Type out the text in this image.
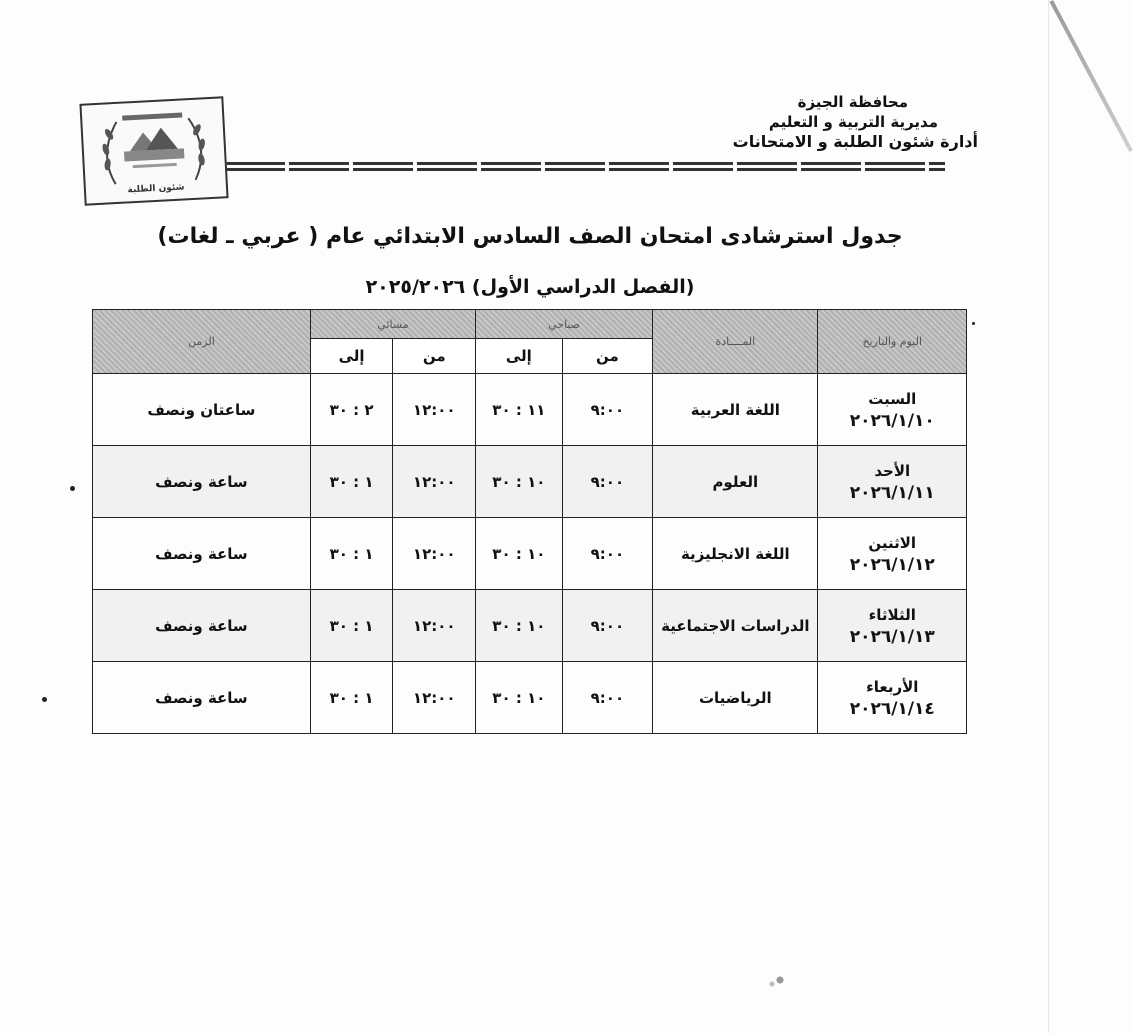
محافظة الجيزة
مديرية التربية و التعليم
أدارة شئون الطلبة و الامتحانات
شئون الطلبة
جدول استرشادى امتحان الصف السادس الابتدائي عام ( عربي ـ لغات)
(الفصل الدراسي الأول) ٢٠٢٥/٢٠٢٦
اليوم والتاريخ	المــــادة	صباحي		مسائي		الزمن
		من	إلى	من	إلى	

السبت
٢٠٢٦/١/١٠	اللغة العربية	٩:٠٠	١١ : ٣٠	١٢:٠٠	٢ : ٣٠	ساعتان ونصف

الأحد
٢٠٢٦/١/١١	العلوم	٩:٠٠	١٠ : ٣٠	١٢:٠٠	١ : ٣٠	ساعة ونصف

الاثنين
٢٠٢٦/١/١٢	اللغة الانجليزية	٩:٠٠	١٠ : ٣٠	١٢:٠٠	١ : ٣٠	ساعة ونصف

الثلاثاء
٢٠٢٦/١/١٣	الدراسات الاجتماعية	٩:٠٠	١٠ : ٣٠	١٢:٠٠	١ : ٣٠	ساعة ونصف

الأربعاء
٢٠٢٦/١/١٤	الرياضيات	٩:٠٠	١٠ : ٣٠	١٢:٠٠	١ : ٣٠	ساعة ونصف
